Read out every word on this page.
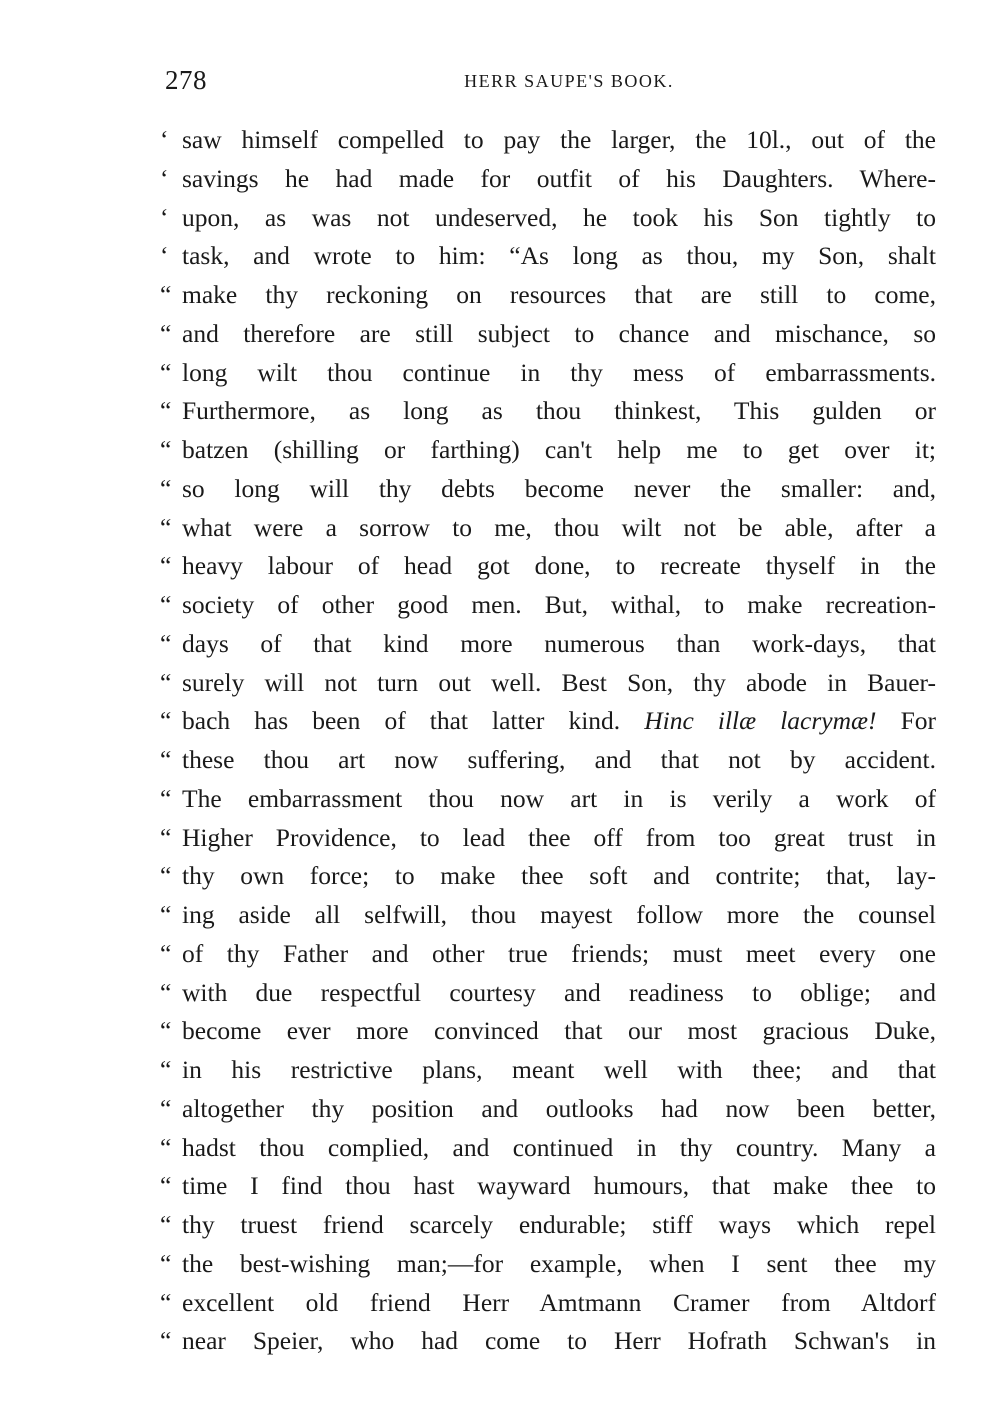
278	HERR SAUPE'S BOOK.
‘ saw himself compelled to pay the larger, the 10l., out of the
‘ savings he had made for outfit of his Daughters. Where-
‘ upon, as was not undeserved, he took his Son tightly to
‘ task, and wrote to him: “As long as thou, my Son, shalt
“ make thy reckoning on resources that are still to come,
“ and therefore are still subject to chance and mischance, so
“ long wilt thou continue in thy mess of embarrassments.
“ Furthermore, as long as thou thinkest, This gulden or
“ batzen (shilling or farthing) can't help me to get over it;
“ so long will thy debts become never the smaller: and,
“ what were a sorrow to me, thou wilt not be able, after a
“ heavy labour of head got done, to recreate thyself in the
“ society of other good men. But, withal, to make recreation-
“ days of that kind more numerous than work-days, that
“ surely will not turn out well. Best Son, thy abode in Bauer-
“ bach has been of that latter kind. Hinc illæ lacrymæ! For
“ these thou art now suffering, and that not by accident.
“ The embarrassment thou now art in is verily a work of
“ Higher Providence, to lead thee off from too great trust in
“ thy own force; to make thee soft and contrite; that, lay-
“ ing aside all selfwill, thou mayest follow more the counsel
“ of thy Father and other true friends; must meet every one
“ with due respectful courtesy and readiness to oblige; and
“ become ever more convinced that our most gracious Duke,
“ in his restrictive plans, meant well with thee; and that
“ altogether thy position and outlooks had now been better,
“ hadst thou complied, and continued in thy country. Many a
“ time I find thou hast wayward humours, that make thee to
“ thy truest friend scarcely endurable; stiff ways which repel
“ the best-wishing man;—for example, when I sent thee my
“ excellent old friend Herr Amtmann Cramer from Altdorf
“ near Speier, who had come to Herr Hofrath Schwan's in
